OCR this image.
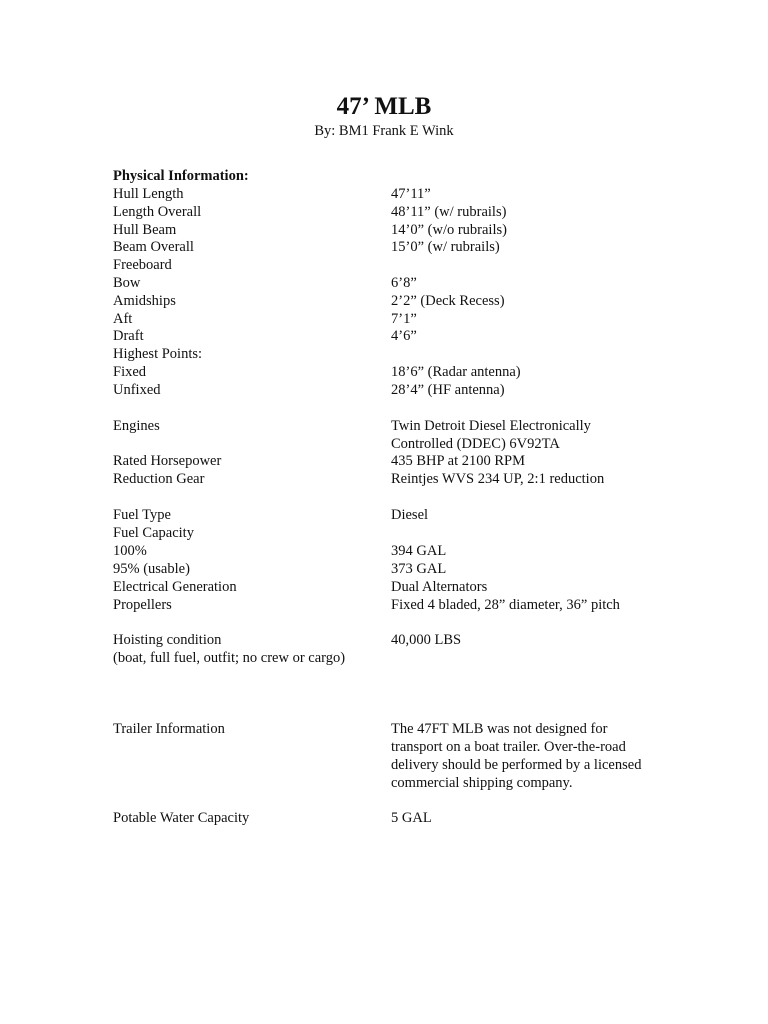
47’ MLB
By: BM1 Frank E Wink
Physical Information:
Hull Length	47’11”
Length Overall	48’11” (w/ rubrails)
Hull Beam	14’0” (w/o rubrails)
Beam Overall	15’0” (w/ rubrails)
Freeboard
Bow	6’8”
Amidships	2’2” (Deck Recess)
Aft	7’1”
Draft	4’6”
Highest Points:
Fixed	18’6” (Radar antenna)
Unfixed	28’4” (HF antenna)
Engines	Twin Detroit Diesel Electronically
Controlled (DDEC) 6V92TA
Rated Horsepower	435 BHP at 2100 RPM
Reduction Gear	Reintjes WVS 234 UP, 2:1 reduction
Fuel Type	Diesel
Fuel Capacity
100%	394 GAL
95% (usable)	373 GAL
Electrical Generation	Dual Alternators
Propellers	Fixed 4 bladed, 28” diameter, 36” pitch
Hoisting condition	40,000 LBS
(boat, full fuel, outfit; no crew or cargo)
Trailer Information	The 47FT MLB was not designed for
transport on a boat trailer. Over-the-road
delivery should be performed by a licensed
commercial shipping company.
Potable Water Capacity	5 GAL
